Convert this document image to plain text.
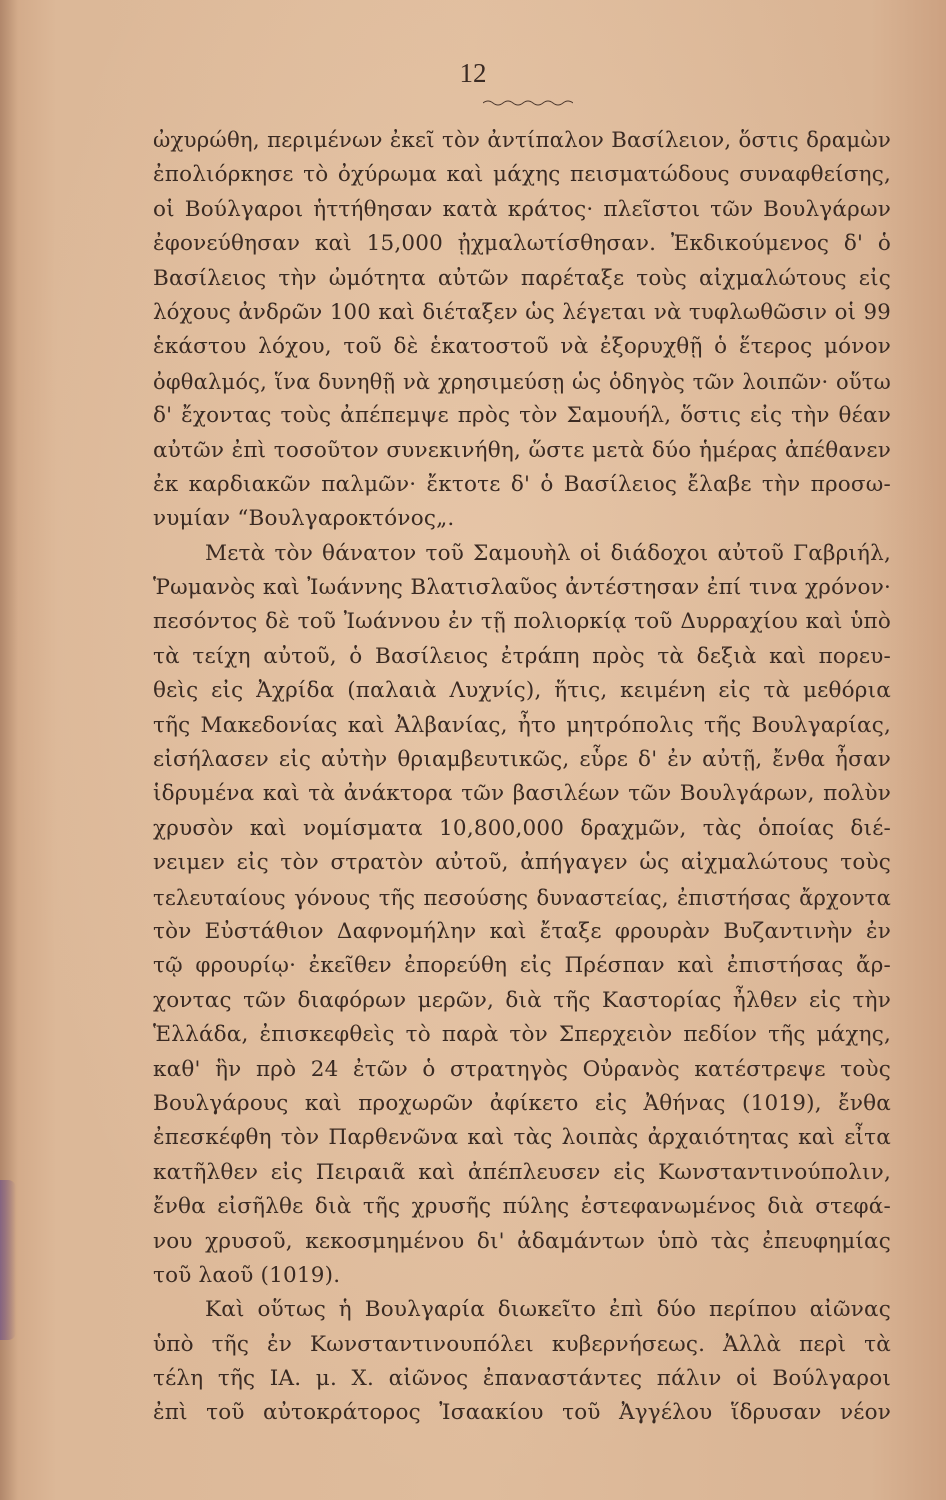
12
ὠχυρώθη, περιμένων ἐκεῖ τὸν ἀντίπαλον Βασίλειον, ὅστις δραμὼν
ἐπολιόρκησε τὸ ὀχύρωμα καὶ μάχης πεισματώδους συναφθείσης,
οἱ Βούλγαροι ἡττήθησαν κατὰ κράτος· πλεῖστοι τῶν Βουλγάρων
ἐφονεύθησαν καὶ 15,000 ᾐχμαλωτίσθησαν. Ἐκδικούμενος δ' ὁ
Βασίλειος τὴν ὠμότητα αὐτῶν παρέταξε τοὺς αἰχμαλώτους εἰς
λόχους ἀνδρῶν 100 καὶ διέταξεν ὡς λέγεται νὰ τυφλωθῶσιν οἱ 99
ἑκάστου λόχου, τοῦ δὲ ἑκατοστοῦ νὰ ἐξορυχθῇ ὁ ἕτερος μόνον
ὀφθαλμός, ἵνα δυνηθῇ νὰ χρησιμεύσῃ ὡς ὁδηγὸς τῶν λοιπῶν· οὕτω
δ' ἔχοντας τοὺς ἀπέπεμψε πρὸς τὸν Σαμουήλ, ὅστις εἰς τὴν θέαν
αὐτῶν ἐπὶ τοσοῦτον συνεκινήθη, ὥστε μετὰ δύο ἡμέρας ἀπέθανεν
ἐκ καρδιακῶν παλμῶν· ἔκτοτε δ' ὁ Βασίλειος ἔλαβε τὴν προσω-
νυμίαν “Βουλγαροκτόνος„.
Μετὰ τὸν θάνατον τοῦ Σαμουὴλ οἱ διάδοχοι αὐτοῦ Γαβριήλ,
Ῥωμανὸς καὶ Ἰωάννης Βλατισλαῦος ἀντέστησαν ἐπί τινα χρόνον·
πεσόντος δὲ τοῦ Ἰωάννου ἐν τῇ πολιορκίᾳ τοῦ Δυρραχίου καὶ ὑπὸ
τὰ τείχη αὐτοῦ, ὁ Βασίλειος ἐτράπη πρὸς τὰ δεξιὰ καὶ πορευ-
θεὶς εἰς Ἀχρίδα (παλαιὰ Λυχνίς), ἥτις, κειμένη εἰς τὰ μεθόρια
τῆς Μακεδονίας καὶ Ἀλβανίας, ἦτο μητρόπολις τῆς Βουλγαρίας,
εἰσήλασεν εἰς αὐτὴν θριαμβευτικῶς, εὗρε δ' ἐν αὐτῇ, ἔνθα ἦσαν
ἱδρυμένα καὶ τὰ ἀνάκτορα τῶν βασιλέων τῶν Βουλγάρων, πολὺν
χρυσὸν καὶ νομίσματα 10,800,000 δραχμῶν, τὰς ὁποίας διέ-
νειμεν εἰς τὸν στρατὸν αὐτοῦ, ἀπήγαγεν ὡς αἰχμαλώτους τοὺς
τελευταίους γόνους τῆς πεσούσης δυναστείας, ἐπιστήσας ἄρχοντα
τὸν Εὐστάθιον Δαφνομήλην καὶ ἔταξε φρουρὰν Βυζαντινὴν ἐν
τῷ φρουρίῳ· ἐκεῖθεν ἐπορεύθη εἰς Πρέσπαν καὶ ἐπιστήσας ἄρ-
χοντας τῶν διαφόρων μερῶν, διὰ τῆς Καστορίας ἦλθεν εἰς τὴν
Ἑλλάδα, ἐπισκεφθεὶς τὸ παρὰ τὸν Σπερχειὸν πεδίον τῆς μάχης,
καθ' ἣν πρὸ 24 ἐτῶν ὁ στρατηγὸς Οὐρανὸς κατέστρεψε τοὺς
Βουλγάρους καὶ προχωρῶν ἀφίκετο εἰς Ἀθήνας (1019), ἔνθα
ἐπεσκέφθη τὸν Παρθενῶνα καὶ τὰς λοιπὰς ἀρχαιότητας καὶ εἶτα
κατῆλθεν εἰς Πειραιᾶ καὶ ἀπέπλευσεν εἰς Κωνσταντινούπολιν,
ἔνθα εἰσῆλθε διὰ τῆς χρυσῆς πύλης ἐστεφανωμένος διὰ στεφά-
νου χρυσοῦ, κεκοσμημένου δι' ἀδαμάντων ὑπὸ τὰς ἐπευφημίας
τοῦ λαοῦ (1019).
Καὶ οὕτως ἡ Βουλγαρία διωκεῖτο ἐπὶ δύο περίπου αἰῶνας
ὑπὸ τῆς ἐν Κωνσταντινουπόλει κυβερνήσεως. Ἀλλὰ περὶ τὰ
τέλη τῆς ΙΑ. μ. Χ. αἰῶνος ἐπαναστάντες πάλιν οἱ Βούλγαροι
ἐπὶ τοῦ αὐτοκράτορος Ἰσαακίου τοῦ Ἀγγέλου ἵδρυσαν νέον
